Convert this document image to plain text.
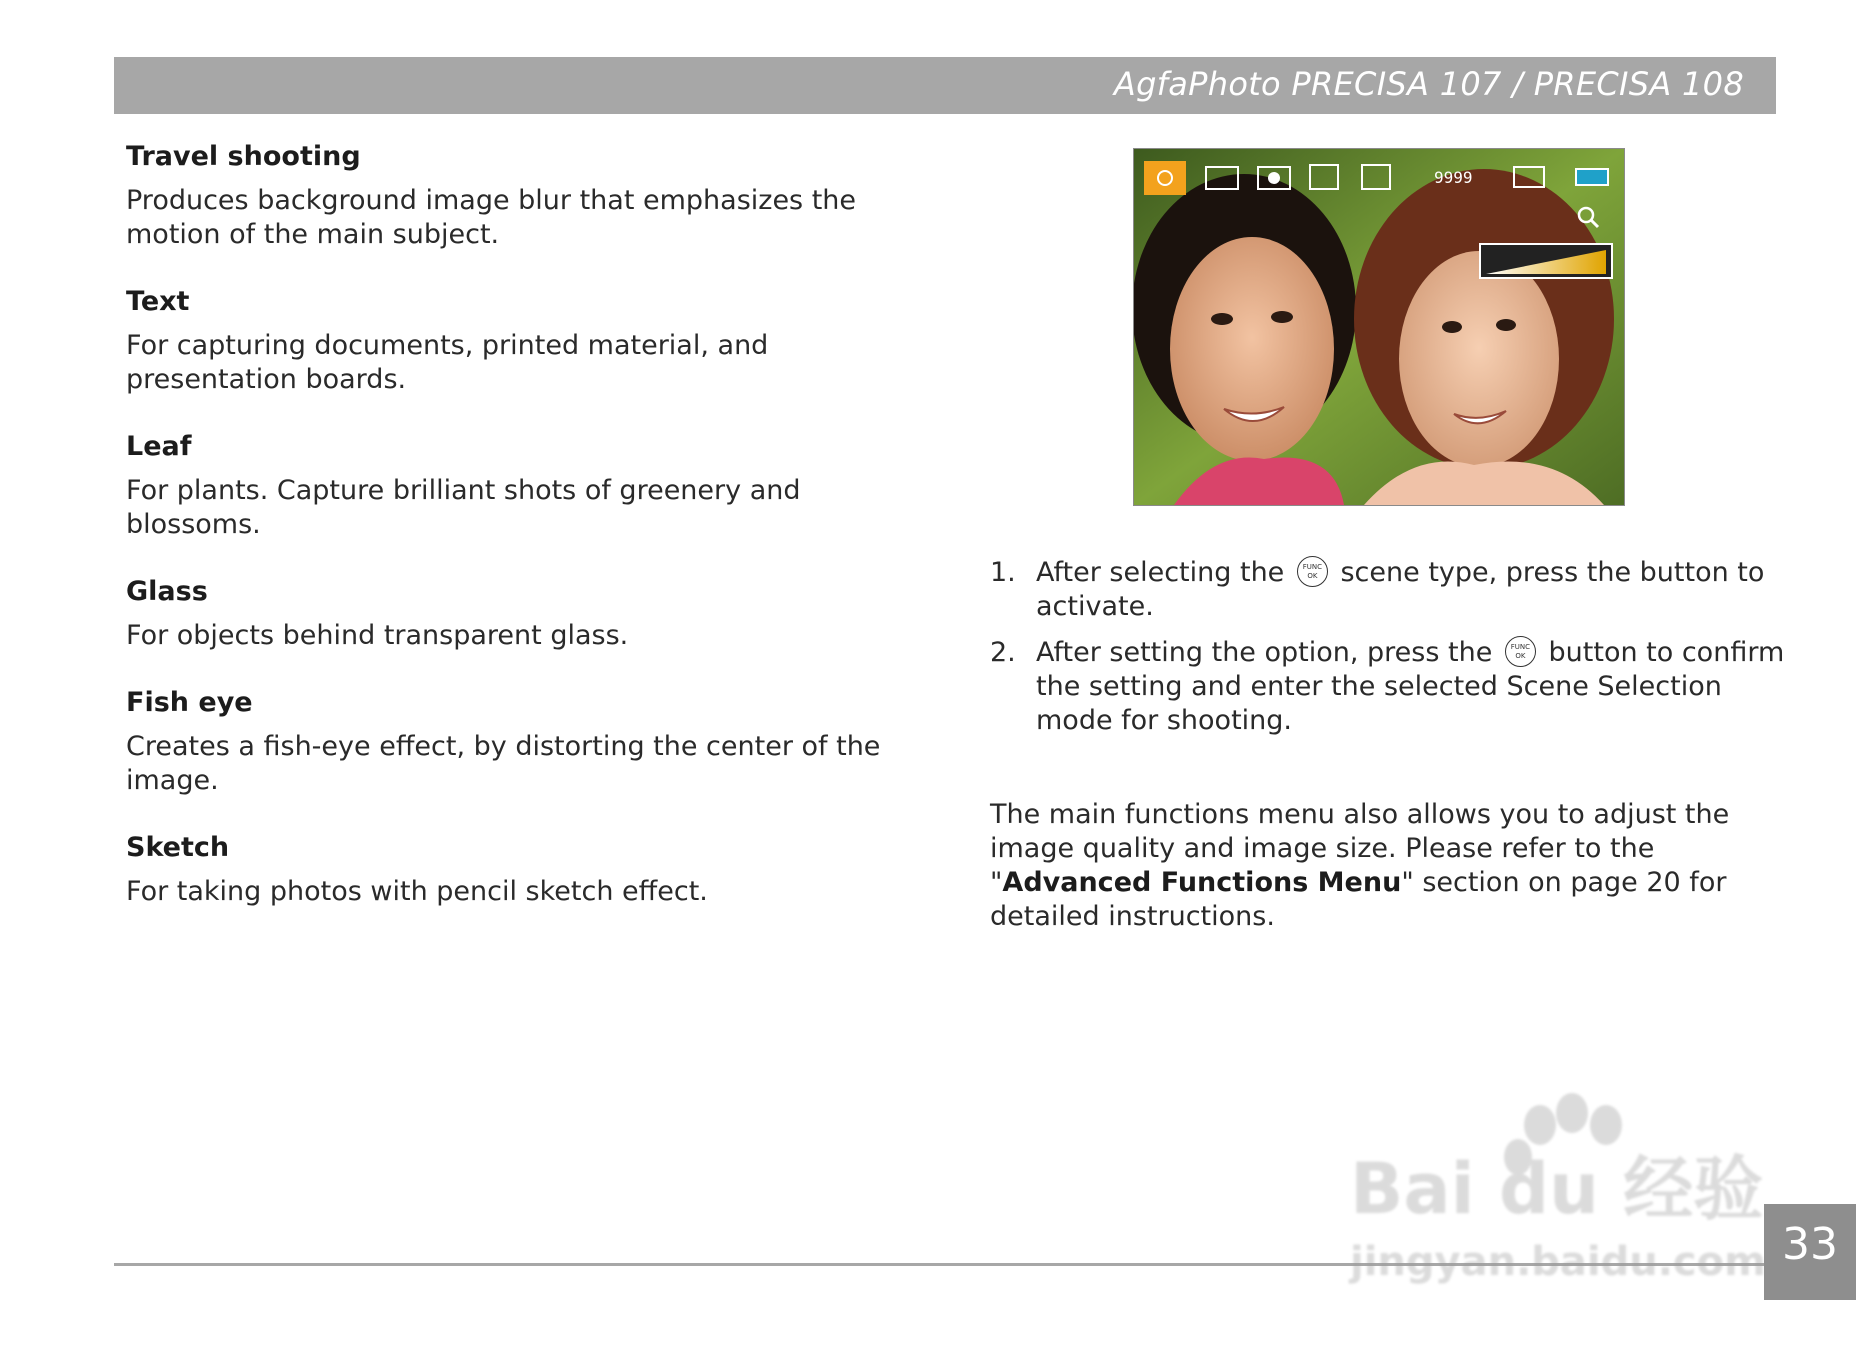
AgfaPhoto PRECISA 107 / PRECISA 108
Travel shooting
Produces background image blur that emphasizes the motion of the main subject.
Text
For capturing documents, printed material, and presentation boards.
Leaf
For plants. Capture brilliant shots of greenery and blossoms.
Glass
For objects behind transparent glass.
Fish eye
Creates a fish-eye effect, by distorting the center of the image.
Sketch
For taking photos with pencil sketch effect.
9999
1. After selecting the	FUNC
OK scene type, press the button to activate.
2. After setting the option, press the	FUNC
OK button to confirm the setting and enter the selected Scene Selection mode for shooting.
The main functions menu also allows you to adjust the image quality and image size. Please refer to the "Advanced Functions Menu" section on page 20 for detailed instructions.
33
Bai du 经验
jingyan.baidu.com
